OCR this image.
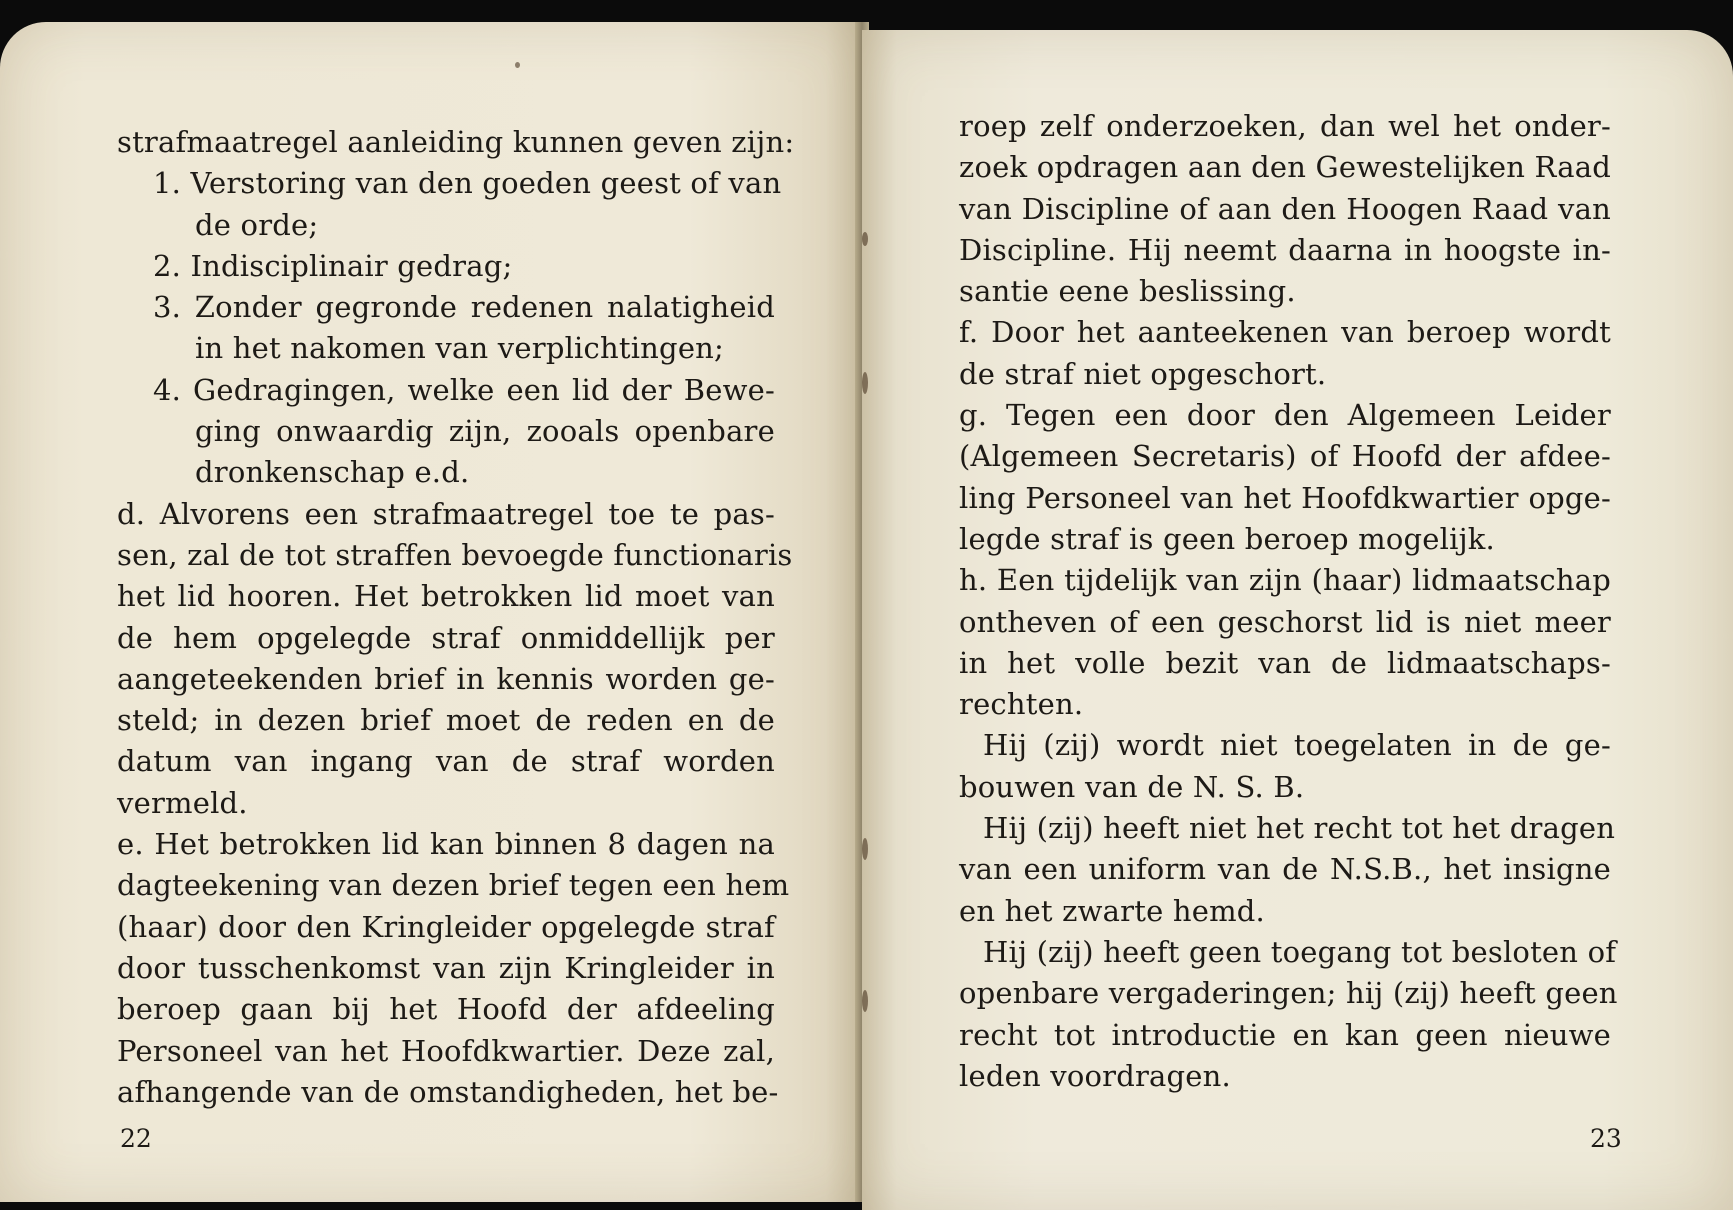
strafmaatregel aanleiding kunnen geven zijn:
1. Verstoring van den goeden geest of van
de orde;
2. Indisciplinair gedrag;
3. Zonder gegronde redenen nalatigheid
in het nakomen van verplichtingen;
4. Gedragingen, welke een lid der Bewe-
ging onwaardig zijn, zooals openbare
dronkenschap e.d.
d. Alvorens een strafmaatregel toe te pas-
sen, zal de tot straffen bevoegde functionaris
het lid hooren. Het betrokken lid moet van
de hem opgelegde straf onmiddellijk per
aangeteekenden brief in kennis worden ge-
steld; in dezen brief moet de reden en de
datum van ingang van de straf worden
vermeld.
e. Het betrokken lid kan binnen 8 dagen na
dagteekening van dezen brief tegen een hem
(haar) door den Kringleider opgelegde straf
door tusschenkomst van zijn Kringleider in
beroep gaan bij het Hoofd der afdeeling
Personeel van het Hoofdkwartier. Deze zal,
afhangende van de omstandigheden, het be-
22
roep zelf onderzoeken, dan wel het onder-
zoek opdragen aan den Gewestelijken Raad
van Discipline of aan den Hoogen Raad van
Discipline. Hij neemt daarna in hoogste in-
santie eene beslissing.
f. Door het aanteekenen van beroep wordt
de straf niet opgeschort.
g. Tegen een door den Algemeen Leider
(Algemeen Secretaris) of Hoofd der afdee-
ling Personeel van het Hoofdkwartier opge-
legde straf is geen beroep mogelijk.
h. Een tijdelijk van zijn (haar) lidmaatschap
ontheven of een geschorst lid is niet meer
in het volle bezit van de lidmaatschaps-
rechten.
Hij (zij) wordt niet toegelaten in de ge-
bouwen van de N. S. B.
Hij (zij) heeft niet het recht tot het dragen
van een uniform van de N.S.B., het insigne
en het zwarte hemd.
Hij (zij) heeft geen toegang tot besloten of
openbare vergaderingen; hij (zij) heeft geen
recht tot introductie en kan geen nieuwe
leden voordragen.
23
